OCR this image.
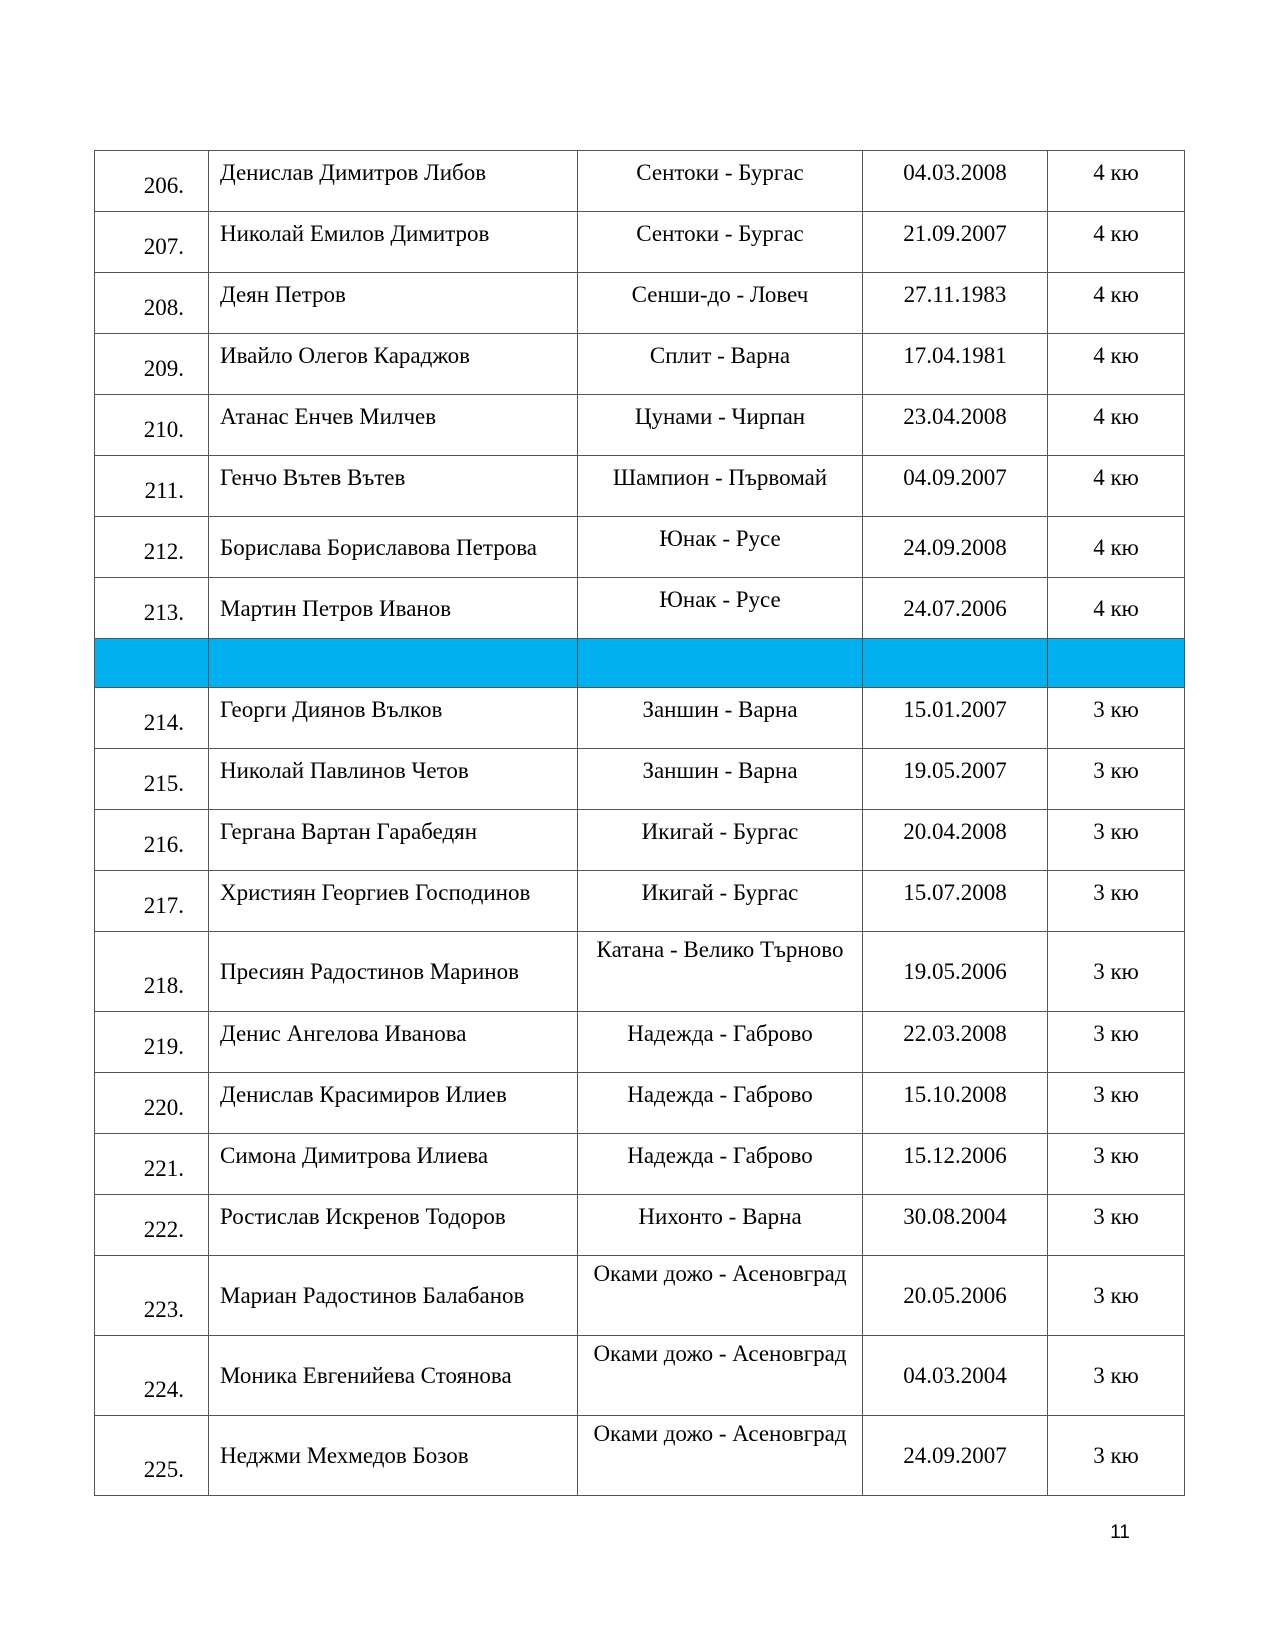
206.	Денислав Димитров Либов	Сентоки - Бургас	04.03.2008	4 кю
207.	Николай Емилов Димитров	Сентоки - Бургас	21.09.2007	4 кю
208.	Деян Петров	Сенши-до - Ловеч	27.11.1983	4 кю
209.	Ивайло Олегов Караджов	Сплит - Варна	17.04.1981	4 кю
210.	Атанас Енчев Милчев	Цунами - Чирпан	23.04.2008	4 кю
211.	Генчо Вътев Вътев	Шампион - Първомай	04.09.2007	4 кю
212.	Борислава Бориславова Петрова	Юнак - Русе	24.09.2008	4 кю
213.	Мартин Петров Иванов	Юнак - Русе	24.07.2006	4 кю

214.	Георги Диянов Вълков	Заншин - Варна	15.01.2007	3 кю
215.	Николай Павлинов Четов	Заншин - Варна	19.05.2007	3 кю
216.	Гергана Вартан Гарабедян	Икигай - Бургас	20.04.2008	3 кю
217.	Християн Георгиев Господинов	Икигай - Бургас	15.07.2008	3 кю
218.	Пресиян Радостинов Маринов	Катана - Велико Търново	19.05.2006	3 кю
219.	Денис Ангелова Иванова	Надежда - Габрово	22.03.2008	3 кю
220.	Денислав Красимиров Илиев	Надежда - Габрово	15.10.2008	3 кю
221.	Симона Димитрова Илиева	Надежда - Габрово	15.12.2006	3 кю
222.	Ростислав Искренов Тодоров	Нихонто - Варна	30.08.2004	3 кю
223.	Мариан Радостинов Балабанов	Оками дожо - Асеновград	20.05.2006	3 кю
224.	Моника Евгенийева Стоянова	Оками дожо - Асеновград	04.03.2004	3 кю
225.	Неджми Мехмедов Бозов	Оками дожо - Асеновград	24.09.2007	3 кю
11
